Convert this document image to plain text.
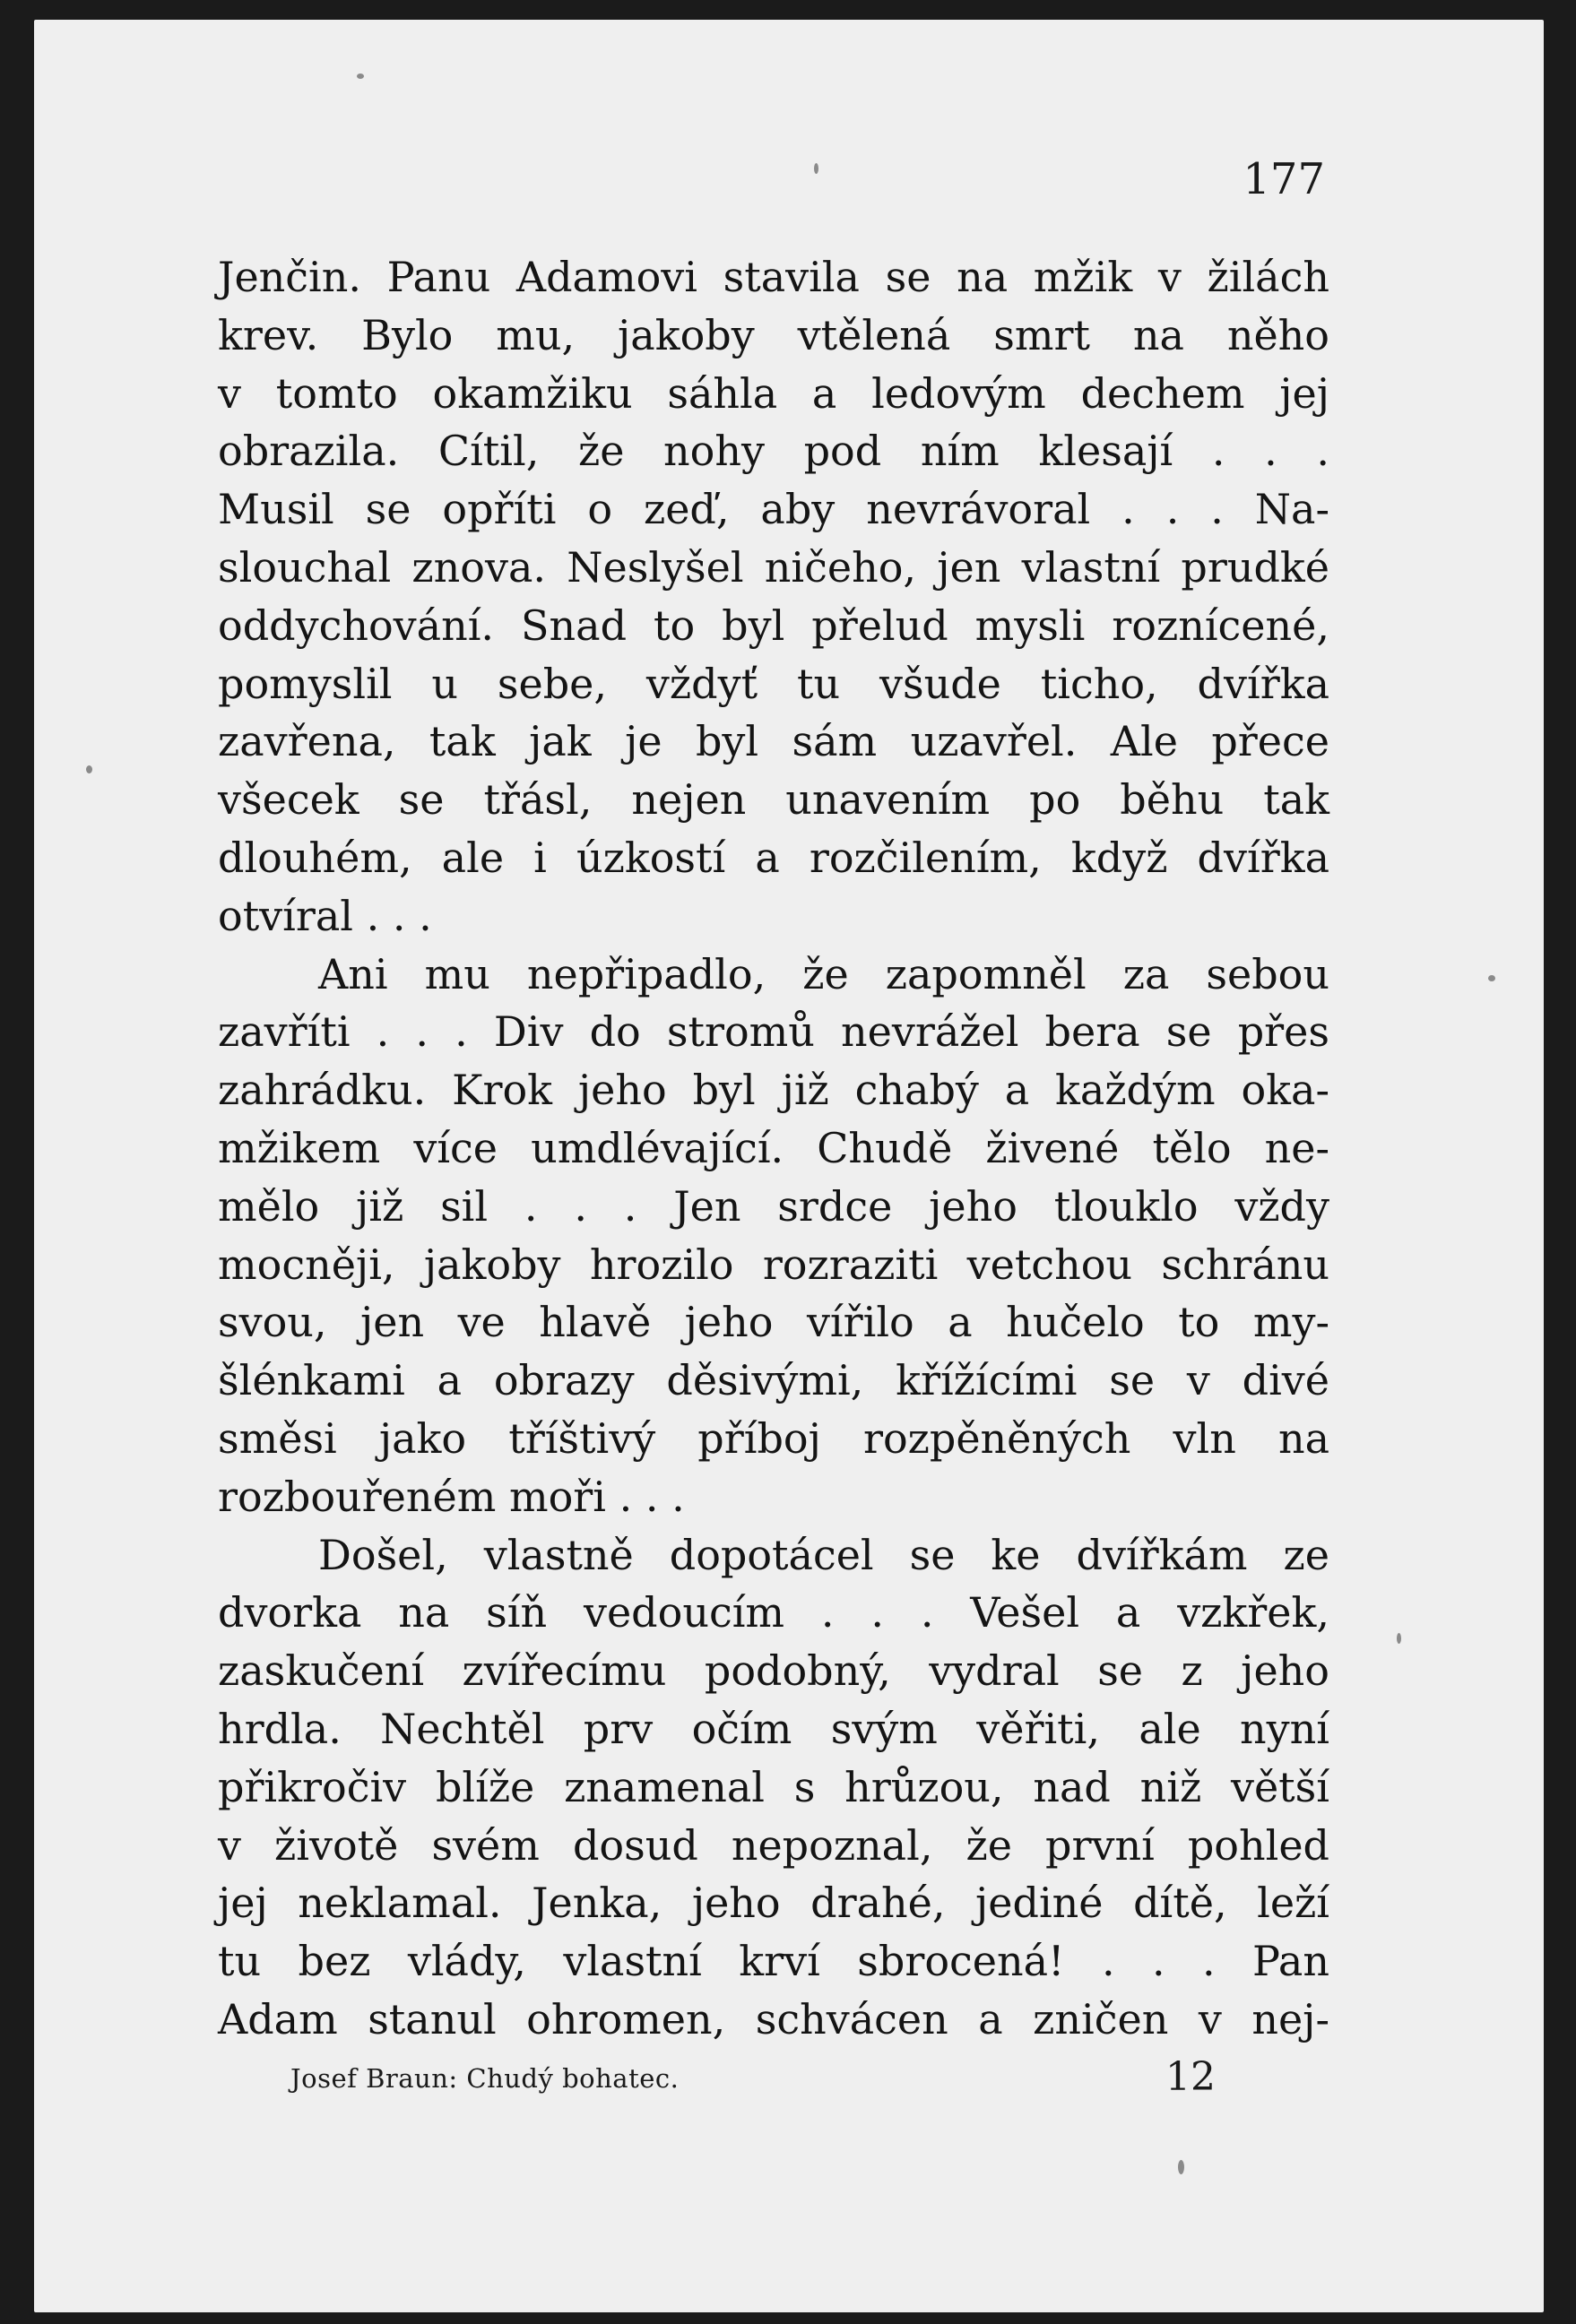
177
Jenčin. Panu Adamovi stavila se na mžik v žilách
krev. Bylo mu, jakoby vtělená smrt na něho
v tomto okamžiku sáhla a ledovým dechem jej
obrazila. Cítil, že nohy pod ním klesají . . .
Musil se opříti o zeď, aby nevrávoral . . . Na-
slouchal znova. Neslyšel ničeho, jen vlastní prudké
oddychování. Snad to byl přelud mysli roznícené,
pomyslil u sebe, vždyť tu všude ticho, dvířka
zavřena, tak jak je byl sám uzavřel. Ale přece
všecek se třásl, nejen unavením po běhu tak
dlouhém, ale i úzkostí a rozčilením, když dvířka
otvíral . . .
Ani mu nepřipadlo, že zapomněl za sebou
zavříti . . . Div do stromů nevrážel bera se přes
zahrádku. Krok jeho byl již chabý a každým oka-
mžikem více umdlévající. Chudě živené tělo ne-
mělo již sil . . . Jen srdce jeho tlouklo vždy
mocněji, jakoby hrozilo rozraziti vetchou schránu
svou, jen ve hlavě jeho vířilo a hučelo to my-
šlénkami a obrazy děsivými, křížícími se v divé
směsi jako tříštivý příboj rozpěněných vln na
rozbouřeném moři . . .
Došel, vlastně dopotácel se ke dvířkám ze
dvorka na síň vedoucím . . . Vešel a vzkřek,
zaskučení zvířecímu podobný, vydral se z jeho
hrdla. Nechtěl prv očím svým věřiti, ale nyní
přikročiv blíže znamenal s hrůzou, nad niž větší
v životě svém dosud nepoznal, že první pohled
jej neklamal. Jenka, jeho drahé, jediné dítě, leží
tu bez vlády, vlastní krví sbrocená! . . . Pan
Adam stanul ohromen, schvácen a zničen v nej-
Josef Braun: Chudý bohatec.	12
